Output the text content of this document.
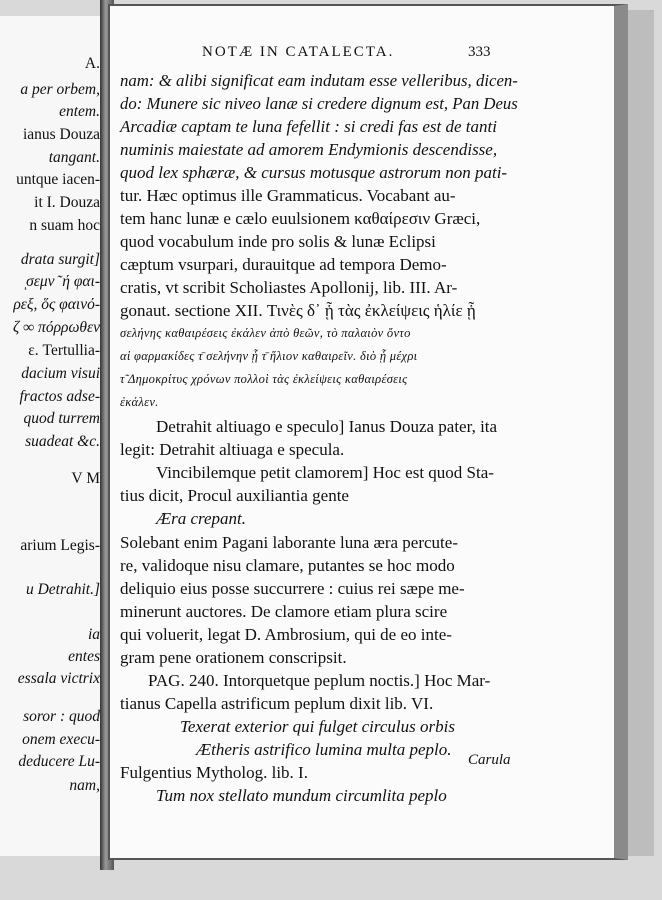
A.
a per orbem,
entem.
ianus Douza
tangant.
untque iacen-
it I. Douza
n suam hoc
drata surgit]
ͅσεμν ͂ ή φαι-
ρεξ, ὅς φαινό-
ζ ∞ πόρρωθεν
ε. Tertullia-
dacium visui
fractos adse-
quod turrem
suadeat &c.
V M
arium Legis-
u Detrahit.]
ia
entes
essala victrix
soror : quod
onem execu-
deducere Lu-
nam,
NOTÆ IN CATALECTA.	333
nam: & alibi significat eam indutam esse velleribus, dicen-
do: Munere sic niveo lanæ si credere dignum est, Pan Deus
Arcadiæ captam te luna fefellit : si credi fas est de tanti
numinis maiestate ad amorem Endymionis descendisse,
quod lex sphæræ, & cursus motusque astrorum non pati-
tur. Hæc optimus ille Grammaticus. Vocabant au-
tem hanc lunæ e cælo euulsionem καθαίρεσιν Græci,
quod vocabulum inde pro solis & lunæ Eclipsi
cæptum vsurpari, durauitque ad tempora Demo-
cratis, vt scribit Scholiastes Apollonij, lib. III. Ar-
gonaut. sectione XII. Τινὲς δ᾽ ᾗ τὰς ἐκλείψεις ἡλίε ᾗ
σελήνης καθαιρέσεις ἐκάλεν ἀπὸ θεῶν, τὸ παλαιὸν ὄντο
αἱ φαρμακίδες τ̄ σελήνην ᾗ τ̄ ἥλιον καθαιρεῖν. διὸ ᾗ μέχρι
τ̃ Δημοκρίτυς χρόνων πολλοὶ τὰς ἐκλείψεις καθαιρέσεις
ἐκάλεν.
Detrahit altiuago e speculo] Ianus Douza pater, ita
legit: Detrahit altiuaga e specula.
Vincibilemque petit clamorem] Hoc est quod Sta-
tius dicit, Procul auxiliantia gente
Æra crepant.
Solebant enim Pagani laborante luna æra percute-
re, validoque nisu clamare, putantes se hoc modo
deliquio eius posse succurrere : cuius rei sæpe me-
minerunt auctores. De clamore etiam plura scire
qui voluerit, legat D. Ambrosium, qui de eo inte-
gram pene orationem conscripsit.
PAG. 240. Intorquetque peplum noctis.] Hoc Mar-
tianus Capella astrificum peplum dixit lib. VI.
Texerat exterior qui fulget circulus orbis
Ætheris astrifico lumina multa peplo.
Fulgentius Mytholog. lib. I.
Tum nox stellato mundum circumlita peplo
Carula
